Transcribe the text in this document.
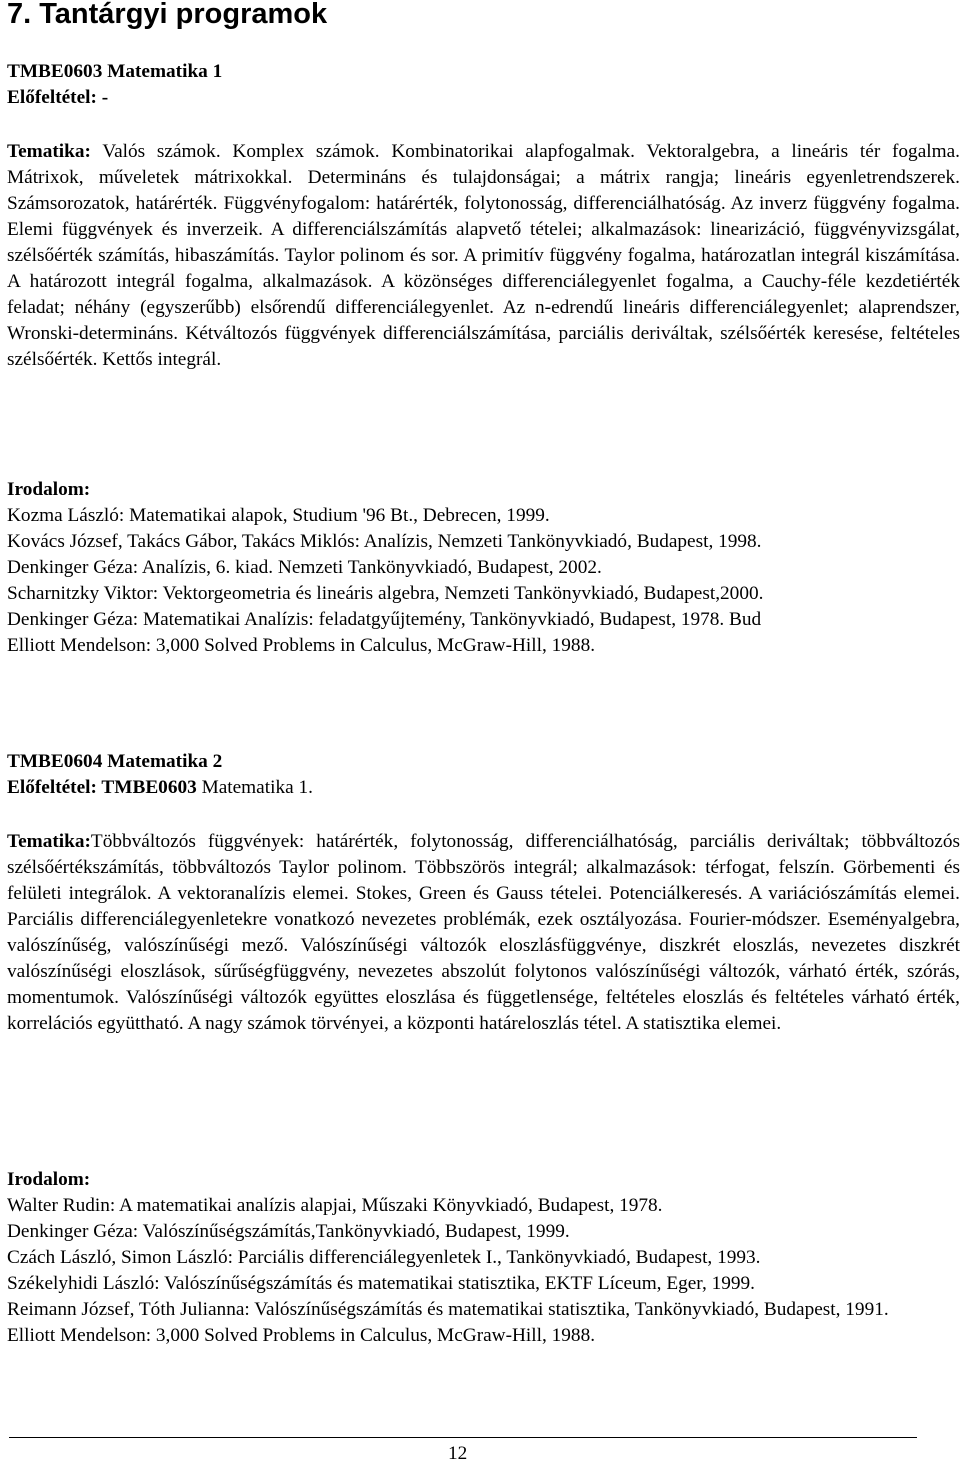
7. Tantárgyi programok
TMBE0603 Matematika 1
Előfeltétel: -
Tematika: Valós számok. Komplex számok. Kombinatorikai alapfogalmak. Vektoralgebra, a lineáris tér fogalma. Mátrixok, műveletek mátrixokkal. Determináns és tulajdonságai; a mátrix rangja; lineáris egyenletrendszerek. Számsorozatok, határérték. Függvényfogalom: határérték, folytonosság, differenciálhatóság. Az inverz függvény fogalma. Elemi függvények és inverzeik. A differenciálszámítás alapvető tételei; alkalmazások: linearizáció, függvényvizsgálat, szélsőérték számítás, hibaszámítás. Taylor polinom és sor. A primitív függvény fogalma, határozatlan integrál kiszámítása. A határozott integrál fogalma, alkalmazások. A közönséges differenciálegyenlet fogalma, a Cauchy-féle kezdetiérték feladat; néhány (egyszerűbb) elsőrendű differenciálegyenlet. Az n-edrendű lineáris differenciálegyenlet; alaprendszer, Wronski-determináns. Kétváltozós függvények differenciálszámítása, parciális deriváltak, szélsőérték keresése, feltételes szélsőérték. Kettős integrál.
Irodalom:
Kozma László: Matematikai alapok, Studium '96 Bt., Debrecen, 1999.
Kovács József, Takács Gábor, Takács Miklós: Analízis, Nemzeti Tankönyvkiadó, Budapest, 1998.
Denkinger Géza: Analízis, 6. kiad. Nemzeti Tankönyvkiadó, Budapest, 2002.
Scharnitzky Viktor: Vektorgeometria és lineáris algebra, Nemzeti Tankönyvkiadó, Budapest,2000.
Denkinger Géza: Matematikai Analízis: feladatgyűjtemény, Tankönyvkiadó, Budapest, 1978. Bud
Elliott Mendelson: 3,000 Solved Problems in Calculus, McGraw-Hill, 1988.
TMBE0604 Matematika 2
Előfeltétel: TMBE0603 Matematika 1.
Tematika:Többváltozós függvények: határérték, folytonosság, differenciálhatóság, parciális deriváltak; többváltozós szélsőértékszámítás, többváltozós Taylor polinom. Többszörös integrál; alkalmazások: térfogat, felszín. Görbementi és felületi integrálok. A vektoranalízis elemei. Stokes, Green és Gauss tételei. Potenciálkeresés. A variációszámítás elemei. Parciális differenciálegyenletekre vonatkozó nevezetes problémák, ezek osztályozása. Fourier-módszer. Eseményalgebra, valószínűség, valószínűségi mező. Valószínűségi változók eloszlásfüggvénye, diszkrét eloszlás, nevezetes diszkrét valószínűségi eloszlások, sűrűségfüggvény, nevezetes abszolút folytonos valószínűségi változók, várható érték, szórás, momentumok. Valószínűségi változók együttes eloszlása és függetlensége, feltételes eloszlás és feltételes várható érték, korrelációs együttható. A nagy számok törvényei, a központi határeloszlás tétel. A statisztika elemei.
Irodalom:
Walter Rudin: A matematikai analízis alapjai, Műszaki Könyvkiadó, Budapest, 1978.
Denkinger Géza: Valószínűségszámítás,Tankönyvkiadó, Budapest, 1999.
Czách László, Simon László: Parciális differenciálegyenletek I., Tankönyvkiadó, Budapest, 1993.
Székelyhidi László: Valószínűségszámítás és matematikai statisztika, EKTF Líceum, Eger, 1999.
Reimann József, Tóth Julianna: Valószínűségszámítás és matematikai statisztika, Tankönyvkiadó, Budapest, 1991.
Elliott Mendelson: 3,000 Solved Problems in Calculus, McGraw-Hill, 1988.
12
